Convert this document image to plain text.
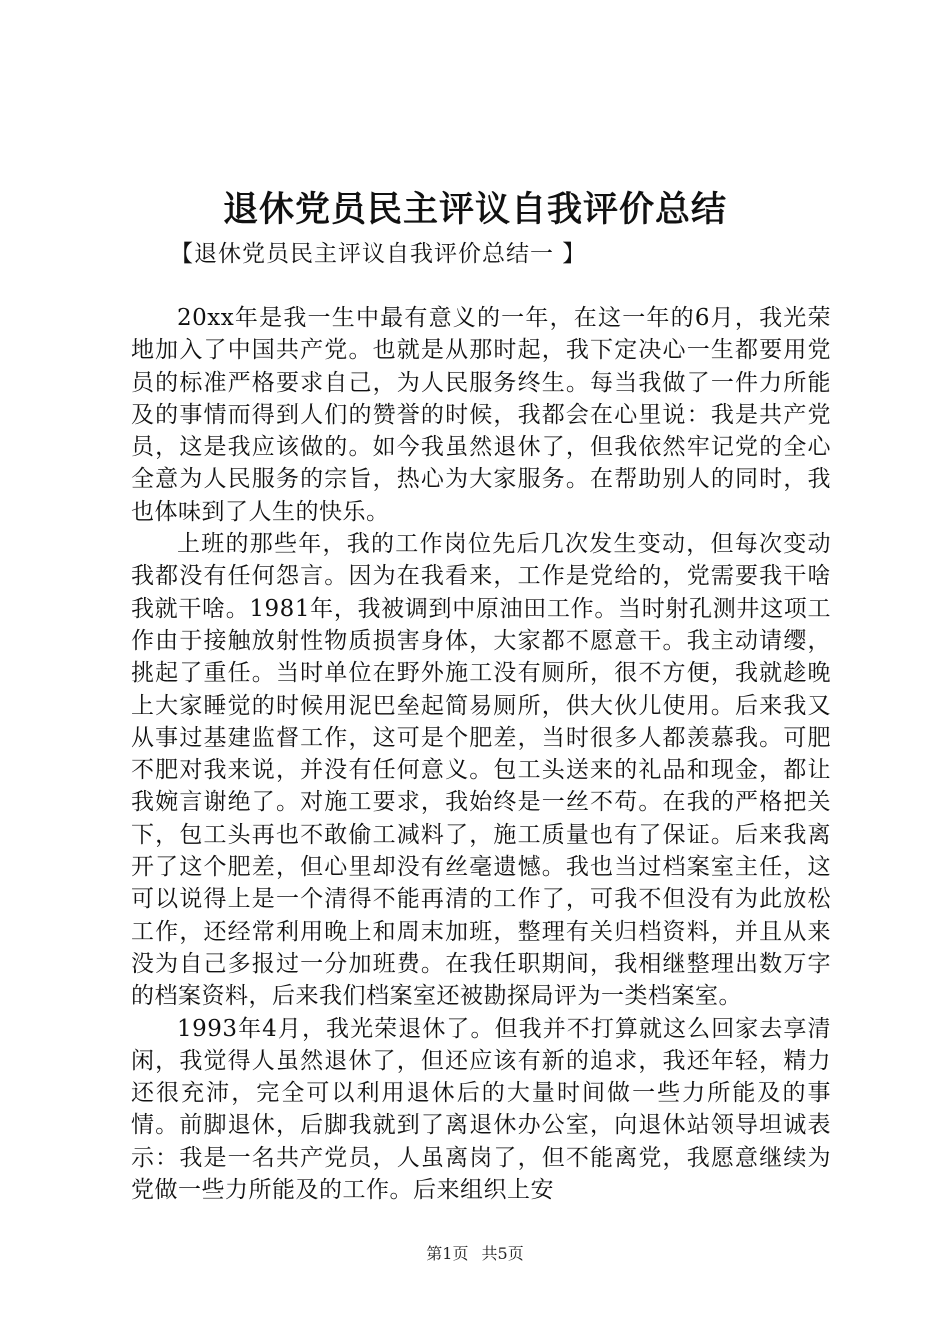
退休党员民主评议自我评价总结

【退休党员民主评议自我评价总结一 】

20xx年是我一生中最有意义的一年，在这一年的6月，我光荣地加入了中国共产党。也就是从那时起，我下定决心一生都要用党员的标准严格要求自己，为人民服务终生。每当我做了一件力所能及的事情而得到人们的赞誉的时候，我都会在心里说：我是共产党员，这是我应该做的。如今我虽然退休了，但我依然牢记党的全心全意为人民服务的宗旨，热心为大家服务。在帮助别人的同时，我也体味到了人生的快乐。

上班的那些年，我的工作岗位先后几次发生变动，但每次变动我都没有任何怨言。因为在我看来，工作是党给的，党需要我干啥我就干啥。1981年，我被调到中原油田工作。当时射孔测井这项工作由于接触放射性物质损害身体，大家都不愿意干。我主动请缨，挑起了重任。当时单位在野外施工没有厕所，很不方便，我就趁晚上大家睡觉的时候用泥巴垒起简易厕所，供大伙儿使用。后来我又从事过基建监督工作，这可是个肥差，当时很多人都羡慕我。可肥不肥对我来说，并没有任何意义。包工头送来的礼品和现金，都让我婉言谢绝了。对施工要求，我始终是一丝不苟。在我的严格把关下，包工头再也不敢偷工减料了，施工质量也有了保证。后来我离开了这个肥差，但心里却没有丝毫遗憾。我也当过档案室主任，这可以说得上是一个清得不能再清的工作了，可我不但没有为此放松工作，还经常利用晚上和周末加班，整理有关归档资料，并且从来没为自己多报过一分加班费。在我任职期间，我相继整理出数万字的档案资料，后来我们档案室还被勘探局评为一类档案室。

1993年4月，我光荣退休了。但我并不打算就这么回家去享清闲，我觉得人虽然退休了，但还应该有新的追求，我还年轻，精力还很充沛，完全可以利用退休后的大量时间做一些力所能及的事情。前脚退休，后脚我就到了离退休办公室，向退休站领导坦诚表示：我是一名共产党员，人虽离岗了，但不能离党，我愿意继续为党做一些力所能及的工作。后来组织上安

第1页 共5页
